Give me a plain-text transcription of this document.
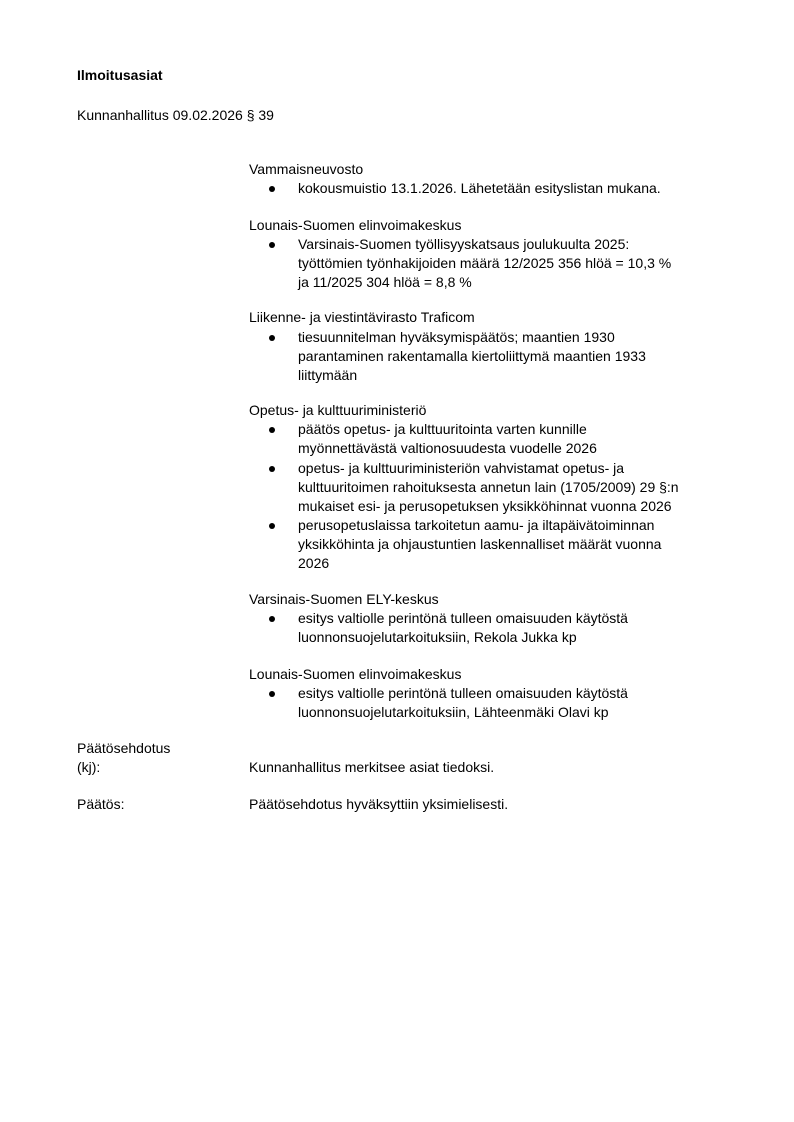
Ilmoitusasiat
Kunnanhallitus 09.02.2026 § 39
Vammaisneuvosto
kokousmuistio 13.1.2026. Lähetetään esityslistan mukana.
Lounais-Suomen elinvoimakeskus
Varsinais-Suomen työllisyyskatsaus joulukuulta 2025:
työttömien työnhakijoiden määrä 12/2025 356 hlöä = 10,3 %
ja 11/2025 304 hlöä = 8,8 %
Liikenne- ja viestintävirasto Traficom
tiesuunnitelman hyväksymispäätös; maantien 1930
parantaminen rakentamalla kiertoliittymä maantien 1933
liittymään
Opetus- ja kulttuuriministeriö
päätös opetus- ja kulttuuritointa varten kunnille
myönnettävästä valtionosuudesta vuodelle 2026
opetus- ja kulttuuriministeriön vahvistamat opetus- ja
kulttuuritoimen rahoituksesta annetun lain (1705/2009) 29 §:n
mukaiset esi- ja perusopetuksen yksikköhinnat vuonna 2026
perusopetuslaissa tarkoitetun aamu- ja iltapäivätoiminnan
yksikköhinta ja ohjaustuntien laskennalliset määrät vuonna
2026
Varsinais-Suomen ELY-keskus
esitys valtiolle perintönä tulleen omaisuuden käytöstä
luonnonsuojelutarkoituksiin, Rekola Jukka kp
Lounais-Suomen elinvoimakeskus
esitys valtiolle perintönä tulleen omaisuuden käytöstä
luonnonsuojelutarkoituksiin, Lähteenmäki Olavi kp
Päätösehdotus
(kj):	Kunnanhallitus merkitsee asiat tiedoksi.
Päätös:	Päätösehdotus hyväksyttiin yksimielisesti.
